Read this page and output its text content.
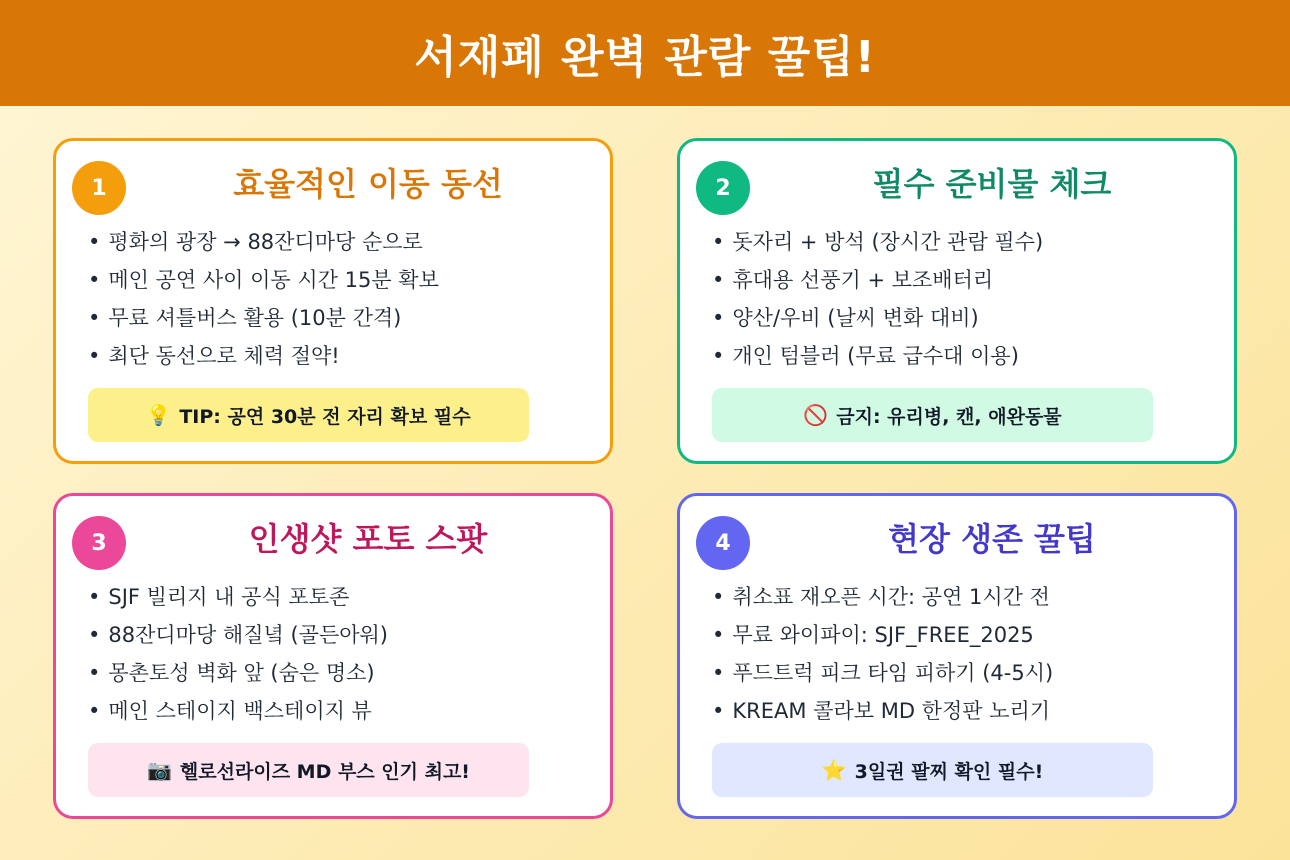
서재페 완벽 관람 꿀팁!
1	효율적인 이동 동선
• 평화의 광장 → 88잔디마당 순으로
• 메인 공연 사이 이동 시간 15분 확보
• 무료 셔틀버스 활용 (10분 간격)
• 최단 동선으로 체력 절약!
💡 TIP: 공연 30분 전 자리 확보 필수
2	필수 준비물 체크
• 돗자리 + 방석 (장시간 관람 필수)
• 휴대용 선풍기 + 보조배터리
• 양산/우비 (날씨 변화 대비)
• 개인 텀블러 (무료 급수대 이용)
🚫 금지: 유리병, 캔, 애완동물
3	인생샷 포토 스팟
• SJF 빌리지 내 공식 포토존
• 88잔디마당 해질녘 (골든아워)
• 몽촌토성 벽화 앞 (숨은 명소)
• 메인 스테이지 백스테이지 뷰
📷 헬로선라이즈 MD 부스 인기 최고!
4	현장 생존 꿀팁
• 취소표 재오픈 시간: 공연 1시간 전
• 무료 와이파이: SJF_FREE_2025
• 푸드트럭 피크 타임 피하기 (4-5시)
• KREAM 콜라보 MD 한정판 노리기
⭐ 3일권 팔찌 확인 필수!
